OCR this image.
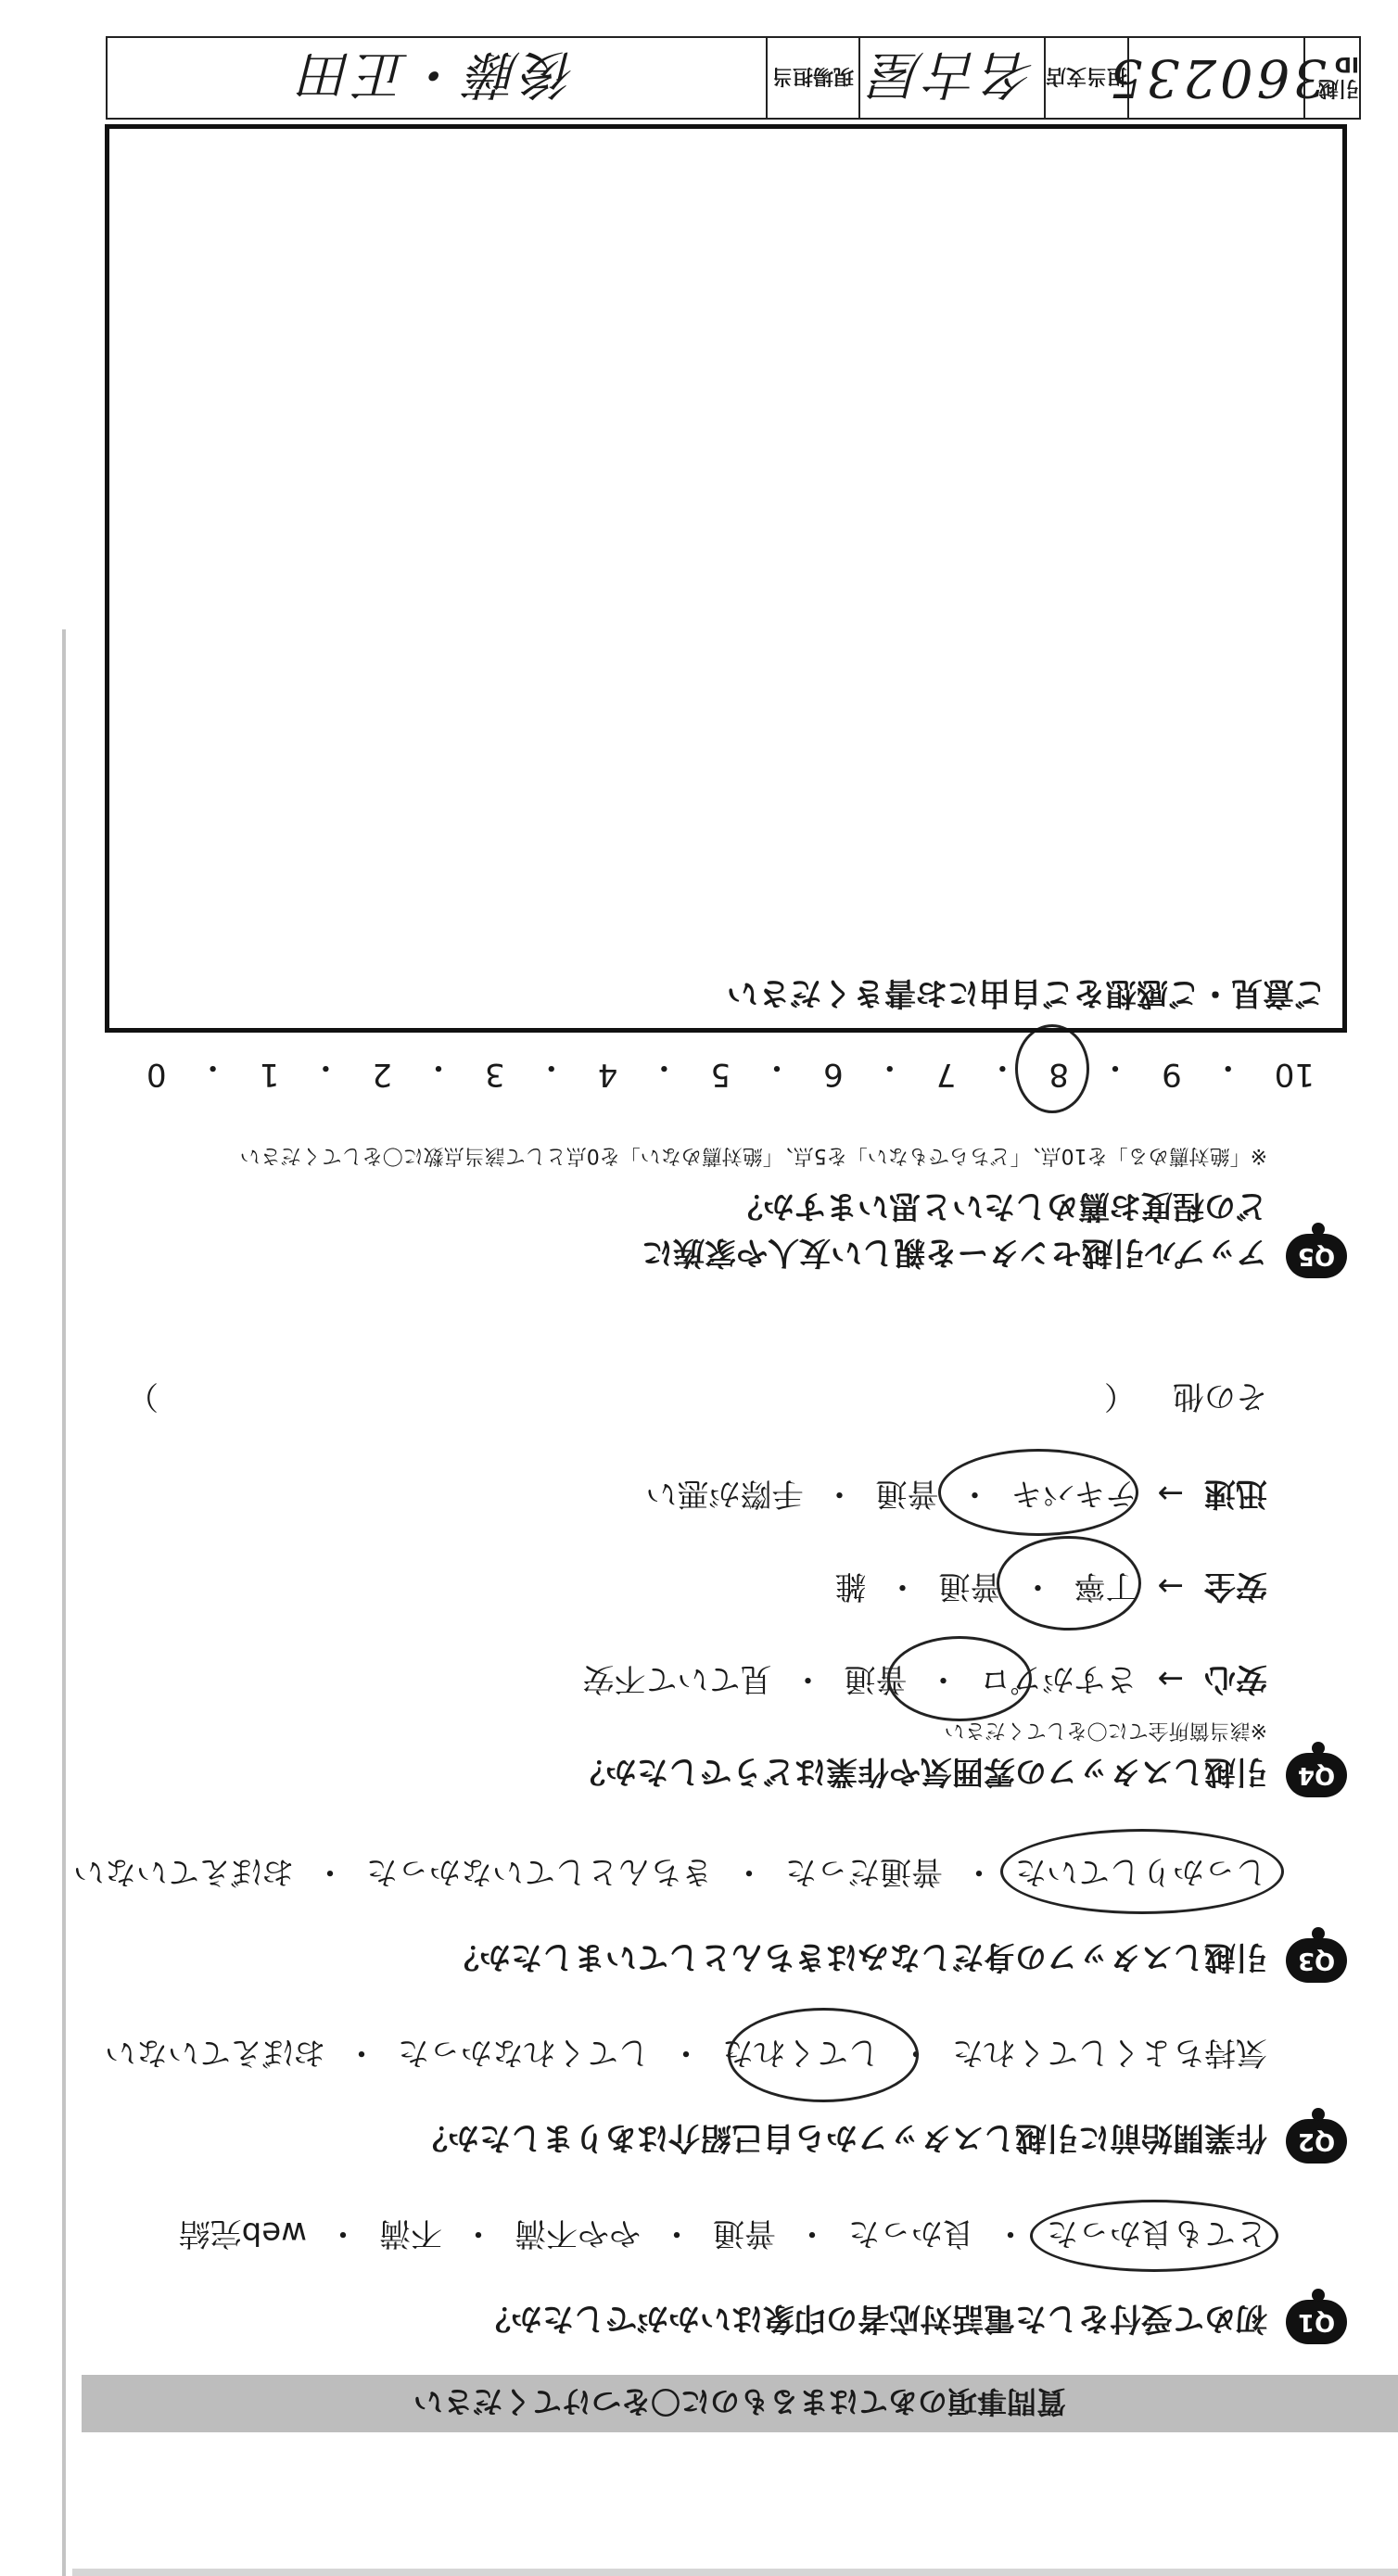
質問事項のあてはまるものに〇をつけてください
Q1
初めて受付をした電話対応者の印象はいかがでしたか？
とても良かった・良かった・普通・やや不満・不満・web完結
Q2
作業開始前に引越しスタッフから自己紹介はありましたか？
気持ちよくしてくれた・してくれた・してくれなかった・おぼえていない
Q3
引越しスタッフの身だしなみはきちんとしていましたか？
しっかりしていた・普通だった・きちんとしていなかった・おぼえていない
Q4
引越しスタッフの雰囲気や作業はどうでしたか？
※該当箇所全てに〇をしてください
安心→さすがプロ・普通・見ていて不安
安全→丁寧・普通・雑
迅速→テキパキ・普通・手際が悪い
その他（）
Q5
アップル引越センターを親しい友人や家族に
どの程度お薦めしたいと思いますか？
※「絶対薦める」を10点、「どちらでもない」を5点、「絶対薦めない」を0点として該当点数に〇をしてください
10
・
9
・
8
・
7
・
6
・
5
・
4
・
3
・
2
・
1
・
0
ご意見・ご感想をご自由にお書きください
引越ID
360235
担当支店
名古屋
現場担当
後藤・正田
